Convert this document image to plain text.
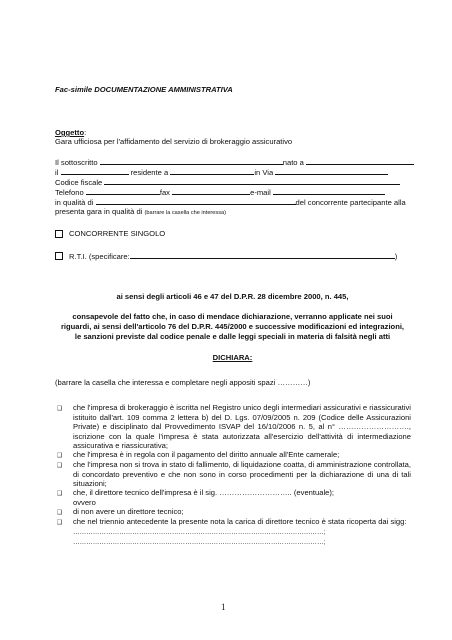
Fac-simile DOCUMENTAZIONE AMMINISTRATIVA
Oggetto:
Gara ufficiosa per l'affidamento del servizio di brokeraggio assicurativo
Il sottoscritto	nato a
il	residente a	in Via
Codice fiscale
Telefono	fax	e-mail
in qualità di	del concorrente partecipante alla
presenta gara in qualità di (barrare la casella che interessa)
CONCORRENTE SINGOLO
R.T.I. (specificare:	)
ai sensi degli articoli 46 e 47 del D.P.R. 28 dicembre 2000, n. 445,
consapevole del fatto che, in caso di mendace dichiarazione, verranno applicate nei suoi
riguardi, ai sensi dell'articolo 76 del D.P.R. 445/2000 e successive modificazioni ed integrazioni,
le sanzioni previste dal codice penale e dalle leggi speciali in materia di falsità negli atti
DICHIARA:
(barrare la casella che interessa e completare negli appositi spazi …………)
❑ che l'impresa di brokeraggio è iscritta nel Registro unico degli intermediari assicurativi e riassicurativi istituito dall'art. 109 comma 2 lettera b) del D. Lgs. 07/09/2005 n. 209 (Codice delle Assicurazioni Private) e disciplinato dal Provvedimento ISVAP del 16/10/2006 n. 5, al n° ………………………., iscrizione con la quale l'impresa è stata autorizzata all'esercizio dell'attività di intermediazione assicurativa e riassicurativa;
❑ che l'impresa è in regola con il pagamento del diritto annuale all'Ente camerale;
❑ che l'impresa non si trova in stato di fallimento, di liquidazione coatta, di amministrazione controllata, di concordato preventivo e che non sono in corso procedimenti per la dichiarazione di una di tali situazioni;
❑ che, il direttore tecnico dell'impresa è il sig. ……………………….. (eventuale);
ovvero
❑ di non avere un direttore tecnico;
❑ che nel triennio antecedente la presente nota la carica di direttore tecnico è stata ricoperta dai sigg:
……………………………………………………………………………………………………;
……………………………………………………………………………………………………;
1
